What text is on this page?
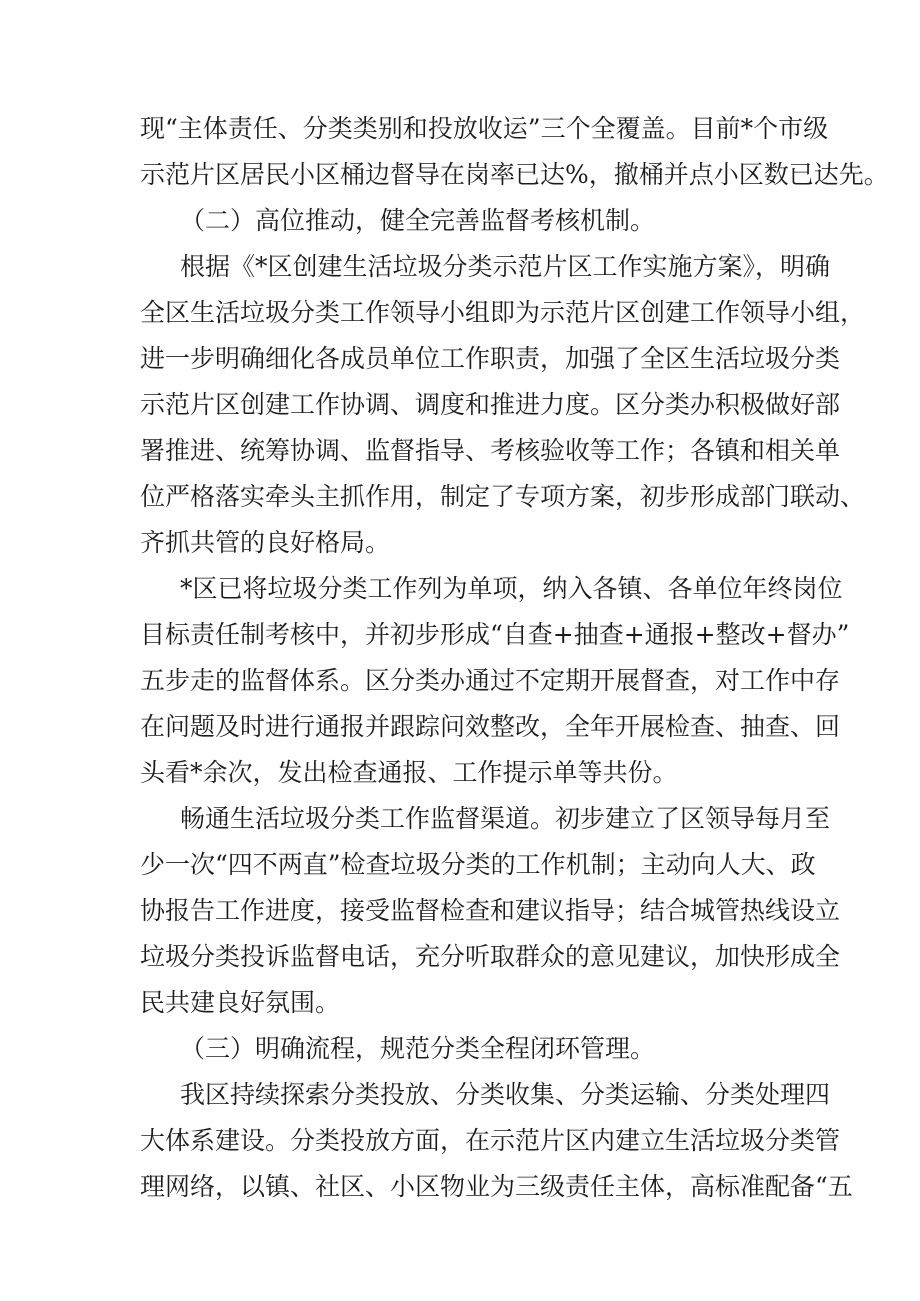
现“主体责任、分类类别和投放收运”三个全覆盖。目前*个市级
示范片区居民小区桶边督导在岗率已达%，撤桶并点小区数已达先。
（二）高位推动，健全完善监督考核机制。
根据《*区创建生活垃圾分类示范片区工作实施方案》，明确
全区生活垃圾分类工作领导小组即为示范片区创建工作领导小组，
进一步明确细化各成员单位工作职责，加强了全区生活垃圾分类
示范片区创建工作协调、调度和推进力度。区分类办积极做好部
署推进、统筹协调、监督指导、考核验收等工作；各镇和相关单
位严格落实牵头主抓作用，制定了专项方案，初步形成部门联动、
齐抓共管的良好格局。
*区已将垃圾分类工作列为单项，纳入各镇、各单位年终岗位
目标责任制考核中，并初步形成“自查+抽查+通报+整改+督办”
五步走的监督体系。区分类办通过不定期开展督查，对工作中存
在问题及时进行通报并跟踪问效整改，全年开展检查、抽查、回
头看*余次，发出检查通报、工作提示单等共份。
畅通生活垃圾分类工作监督渠道。初步建立了区领导每月至
少一次“四不两直”检查垃圾分类的工作机制；主动向人大、政
协报告工作进度，接受监督检查和建议指导；结合城管热线设立
垃圾分类投诉监督电话，充分听取群众的意见建议，加快形成全
民共建良好氛围。
（三）明确流程，规范分类全程闭环管理。
我区持续探索分类投放、分类收集、分类运输、分类处理四
大体系建设。分类投放方面，在示范片区内建立生活垃圾分类管
理网络，以镇、社区、小区物业为三级责任主体，高标准配备“五
